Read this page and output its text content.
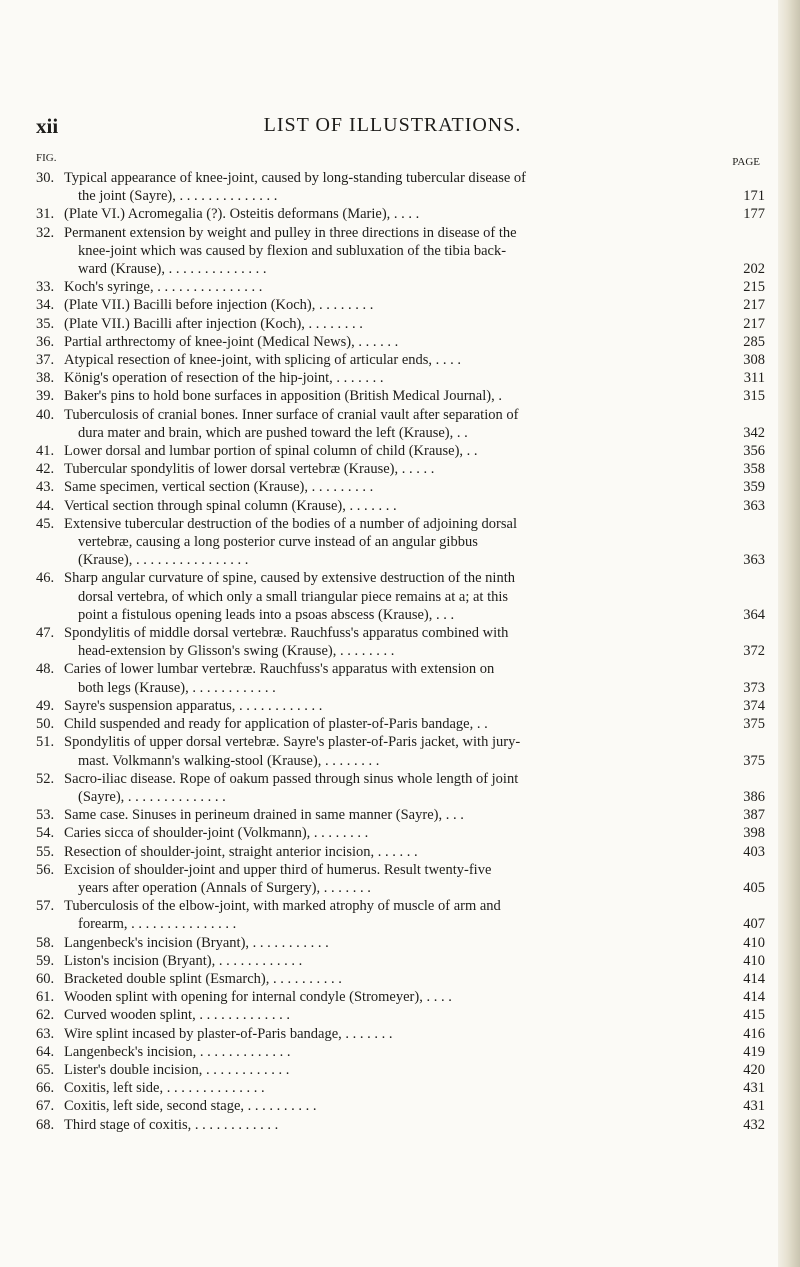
xii	LIST OF ILLUSTRATIONS.
FIG.	PAGE
30. Typical appearance of knee-joint, caused by long-standing tubercular disease of
the joint (Sayre), . . . . . . . . . . . . . .	171
31. (Plate VI.) Acromegalia (?). Osteitis deformans (Marie), . . . .	177
32. Permanent extension by weight and pulley in three directions in disease of the
knee-joint which was caused by flexion and subluxation of the tibia back-
ward (Krause), . . . . . . . . . . . . . .	202
33. Koch's syringe, . . . . . . . . . . . . . . .	215
34. (Plate VII.) Bacilli before injection (Koch), . . . . . . . .	217
35. (Plate VII.) Bacilli after injection (Koch), . . . . . . . .	217
36. Partial arthrectomy of knee-joint (Medical News), . . . . . .	285
37. Atypical resection of knee-joint, with splicing of articular ends, . . . .	308
38. König's operation of resection of the hip-joint, . . . . . . .	311
39. Baker's pins to hold bone surfaces in apposition (British Medical Journal), .	315
40. Tuberculosis of cranial bones. Inner surface of cranial vault after separation of
dura mater and brain, which are pushed toward the left (Krause), . .	342
41. Lower dorsal and lumbar portion of spinal column of child (Krause), . .	356
42. Tubercular spondylitis of lower dorsal vertebræ (Krause), . . . . .	358
43. Same specimen, vertical section (Krause), . . . . . . . . .	359
44. Vertical section through spinal column (Krause), . . . . . . .	363
45. Extensive tubercular destruction of the bodies of a number of adjoining dorsal
vertebræ, causing a long posterior curve instead of an angular gibbus
(Krause), . . . . . . . . . . . . . . . .	363
46. Sharp angular curvature of spine, caused by extensive destruction of the ninth
dorsal vertebra, of which only a small triangular piece remains at a; at this
point a fistulous opening leads into a psoas abscess (Krause), . . .	364
47. Spondylitis of middle dorsal vertebræ. Rauchfuss's apparatus combined with
head-extension by Glisson's swing (Krause), . . . . . . . .	372
48. Caries of lower lumbar vertebræ. Rauchfuss's apparatus with extension on
both legs (Krause), . . . . . . . . . . . .	373
49. Sayre's suspension apparatus, . . . . . . . . . . . .	374
50. Child suspended and ready for application of plaster-of-Paris bandage, . .	375
51. Spondylitis of upper dorsal vertebræ. Sayre's plaster-of-Paris jacket, with jury-
mast. Volkmann's walking-stool (Krause), . . . . . . . .	375
52. Sacro-iliac disease. Rope of oakum passed through sinus whole length of joint
(Sayre), . . . . . . . . . . . . . .	386
53. Same case. Sinuses in perineum drained in same manner (Sayre), . . .	387
54. Caries sicca of shoulder-joint (Volkmann), . . . . . . . .	398
55. Resection of shoulder-joint, straight anterior incision, . . . . . .	403
56. Excision of shoulder-joint and upper third of humerus. Result twenty-five
years after operation (Annals of Surgery), . . . . . . .	405
57. Tuberculosis of the elbow-joint, with marked atrophy of muscle of arm and
forearm, . . . . . . . . . . . . . . .	407
58. Langenbeck's incision (Bryant), . . . . . . . . . . .	410
59. Liston's incision (Bryant), . . . . . . . . . . . .	410
60. Bracketed double splint (Esmarch), . . . . . . . . . .	414
61. Wooden splint with opening for internal condyle (Stromeyer), . . . .	414
62. Curved wooden splint, . . . . . . . . . . . . .	415
63. Wire splint incased by plaster-of-Paris bandage, . . . . . . .	416
64. Langenbeck's incision, . . . . . . . . . . . . .	419
65. Lister's double incision, . . . . . . . . . . . .	420
66. Coxitis, left side, . . . . . . . . . . . . . .	431
67. Coxitis, left side, second stage, . . . . . . . . . .	431
68. Third stage of coxitis, . . . . . . . . . . . .	432
